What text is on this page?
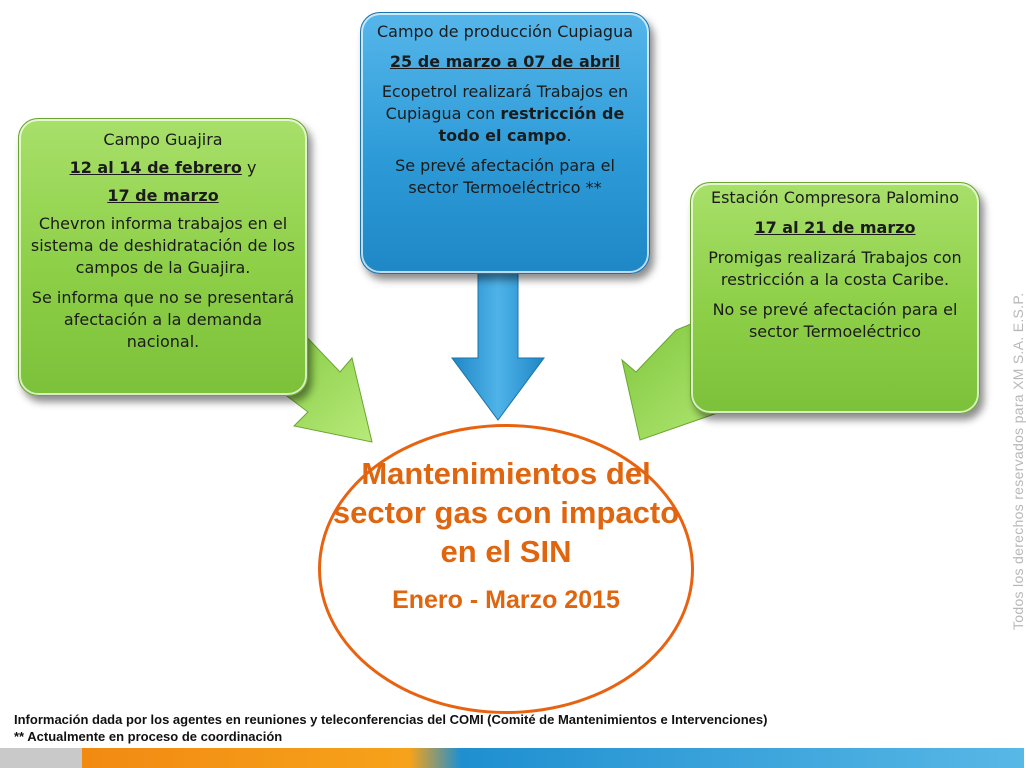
Campo Guajira

12 al 14 de febrero y

17 de marzo

Chevron informa trabajos en el sistema de deshidratación de los campos de la Guajira.

Se informa que no se presentará afectación a la demanda nacional.

Campo de producción Cupiagua

25 de marzo a 07 de abril

Ecopetrol realizará Trabajos en Cupiagua con restricción de todo el campo.

Se prevé afectación para el sector Termoeléctrico **

Estación Compresora Palomino

17 al 21 de marzo

Promigas realizará Trabajos con restricción a la costa Caribe.

No se prevé afectación para el sector Termoeléctrico

Mantenimientos del sector gas con impacto en el SIN

Enero - Marzo 2015	Todos los derechos reservados para XM S.A. E.S.P.
Información dada por los agentes en reuniones y teleconferencias del COMI (Comité de Mantenimientos e Intervenciones)
** Actualmente en proceso de coordinación
